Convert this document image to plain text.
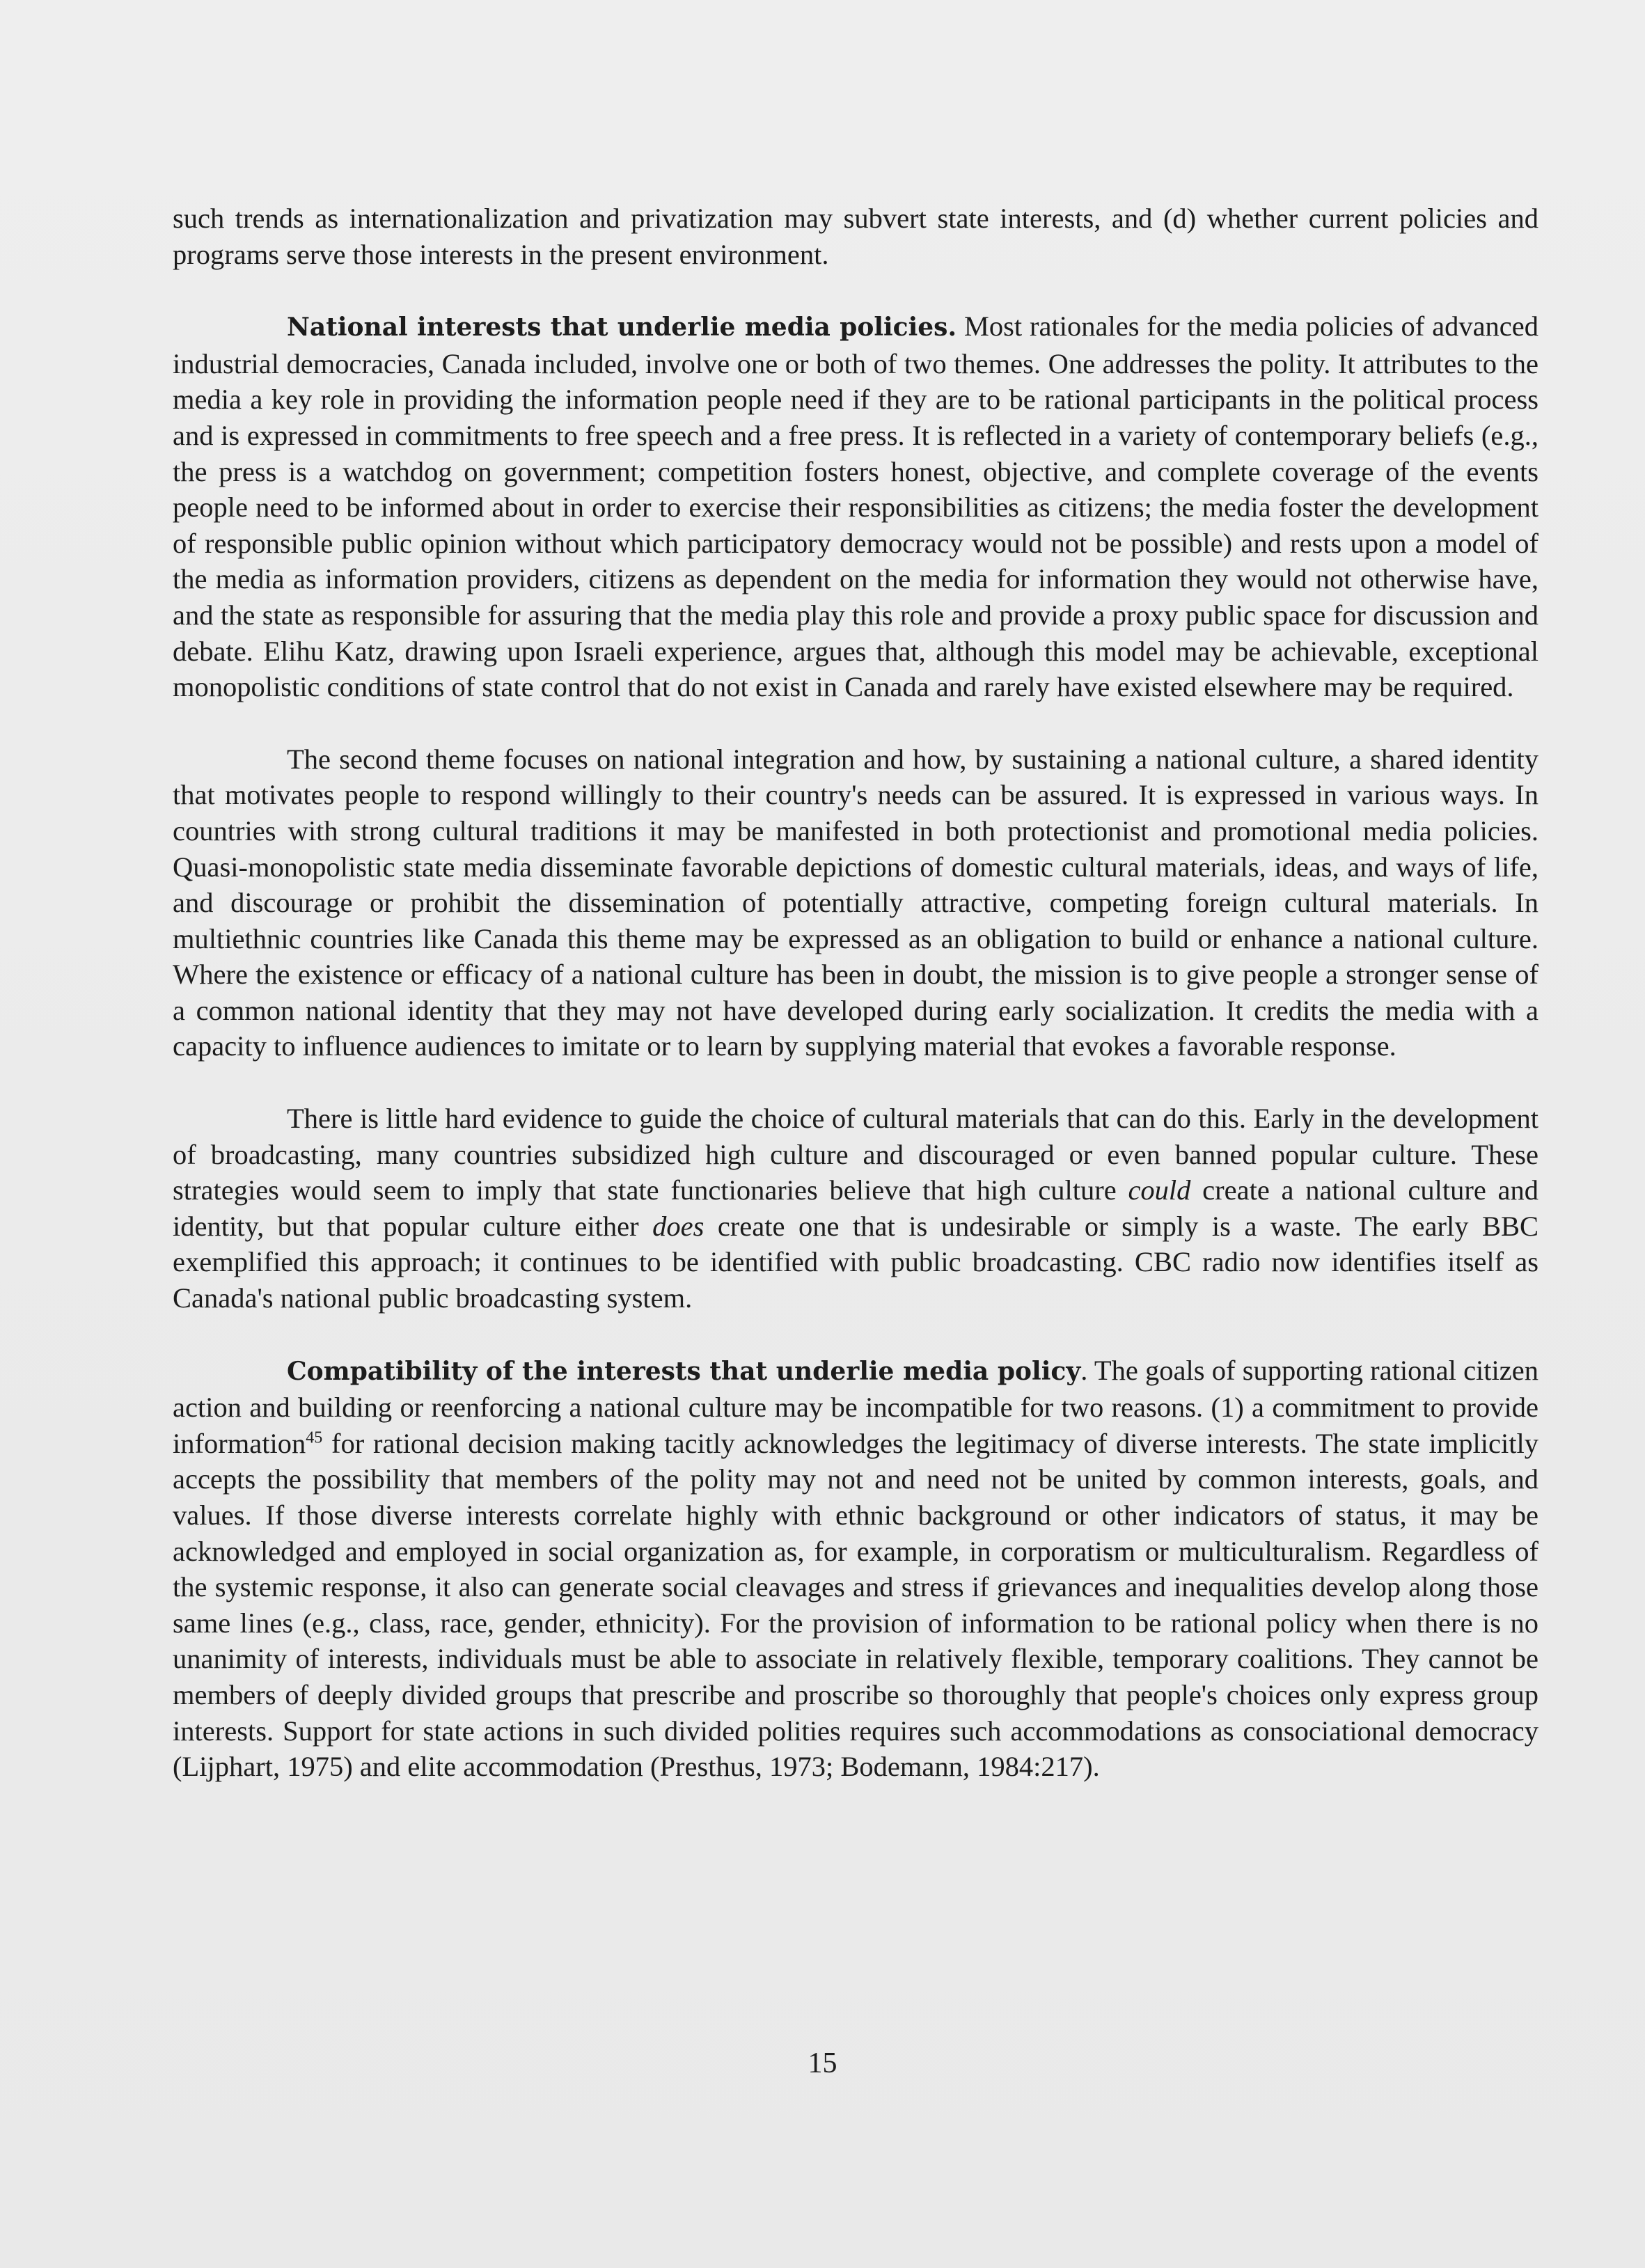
such trends as internationalization and privatization may subvert state interests, and (d) whether current policies and programs serve those interests in the present environment.

National interests that underlie media policies. Most rationales for the media policies of advanced industrial democracies, Canada included, involve one or both of two themes. One addresses the polity. It attributes to the media a key role in providing the information people need if they are to be rational participants in the political process and is expressed in commitments to free speech and a free press. It is reflected in a variety of contemporary beliefs (e.g., the press is a watchdog on government; competition fosters honest, objective, and complete coverage of the events people need to be informed about in order to exercise their responsibilities as citizens; the media foster the development of responsible public opinion without which participatory democracy would not be possible) and rests upon a model of the media as information providers, citizens as dependent on the media for information they would not otherwise have, and the state as responsible for assuring that the media play this role and provide a proxy public space for discussion and debate. Elihu Katz, drawing upon Israeli experience, argues that, although this model may be achievable, exceptional monopolistic conditions of state control that do not exist in Canada and rarely have existed elsewhere may be required.

The second theme focuses on national integration and how, by sustaining a national culture, a shared identity that motivates people to respond willingly to their country's needs can be assured. It is expressed in various ways. In countries with strong cultural traditions it may be manifested in both protectionist and promotional media policies. Quasi-monopolistic state media disseminate favorable depictions of domestic cultural materials, ideas, and ways of life, and discourage or prohibit the dissemination of potentially attractive, competing foreign cultural materials. In multiethnic countries like Canada this theme may be expressed as an obligation to build or enhance a national culture. Where the existence or efficacy of a national culture has been in doubt, the mission is to give people a stronger sense of a common national identity that they may not have developed during early socialization. It credits the media with a capacity to influence audiences to imitate or to learn by supplying material that evokes a favorable response.

There is little hard evidence to guide the choice of cultural materials that can do this. Early in the development of broadcasting, many countries subsidized high culture and discouraged or even banned popular culture. These strategies would seem to imply that state functionaries believe that high culture could create a national culture and identity, but that popular culture either does create one that is undesirable or simply is a waste. The early BBC exemplified this approach; it continues to be identified with public broadcasting. CBC radio now identifies itself as Canada's national public broadcasting system.

Compatibility of the interests that underlie media policy. The goals of supporting rational citizen action and building or reenforcing a national culture may be incompatible for two reasons. (1) a commitment to provide information$^{45}$ for rational decision making tacitly acknowledges the legitimacy of diverse interests. The state implicitly accepts the possibility that members of the polity may not and need not be united by common interests, goals, and values. If those diverse interests correlate highly with ethnic background or other indicators of status, it may be acknowledged and employed in social organization as, for example, in corporatism or multiculturalism. Regardless of the systemic response, it also can generate social cleavages and stress if grievances and inequalities develop along those same lines (e.g., class, race, gender, ethnicity). For the provision of information to be rational policy when there is no unanimity of interests, individuals must be able to associate in relatively flexible, temporary coalitions. They cannot be members of deeply divided groups that prescribe and proscribe so thoroughly that people's choices only express group interests. Support for state actions in such divided polities requires such accommodations as consociational democracy (Lijphart, 1975) and elite accommodation (Presthus, 1973; Bodemann, 1984:217).

15
